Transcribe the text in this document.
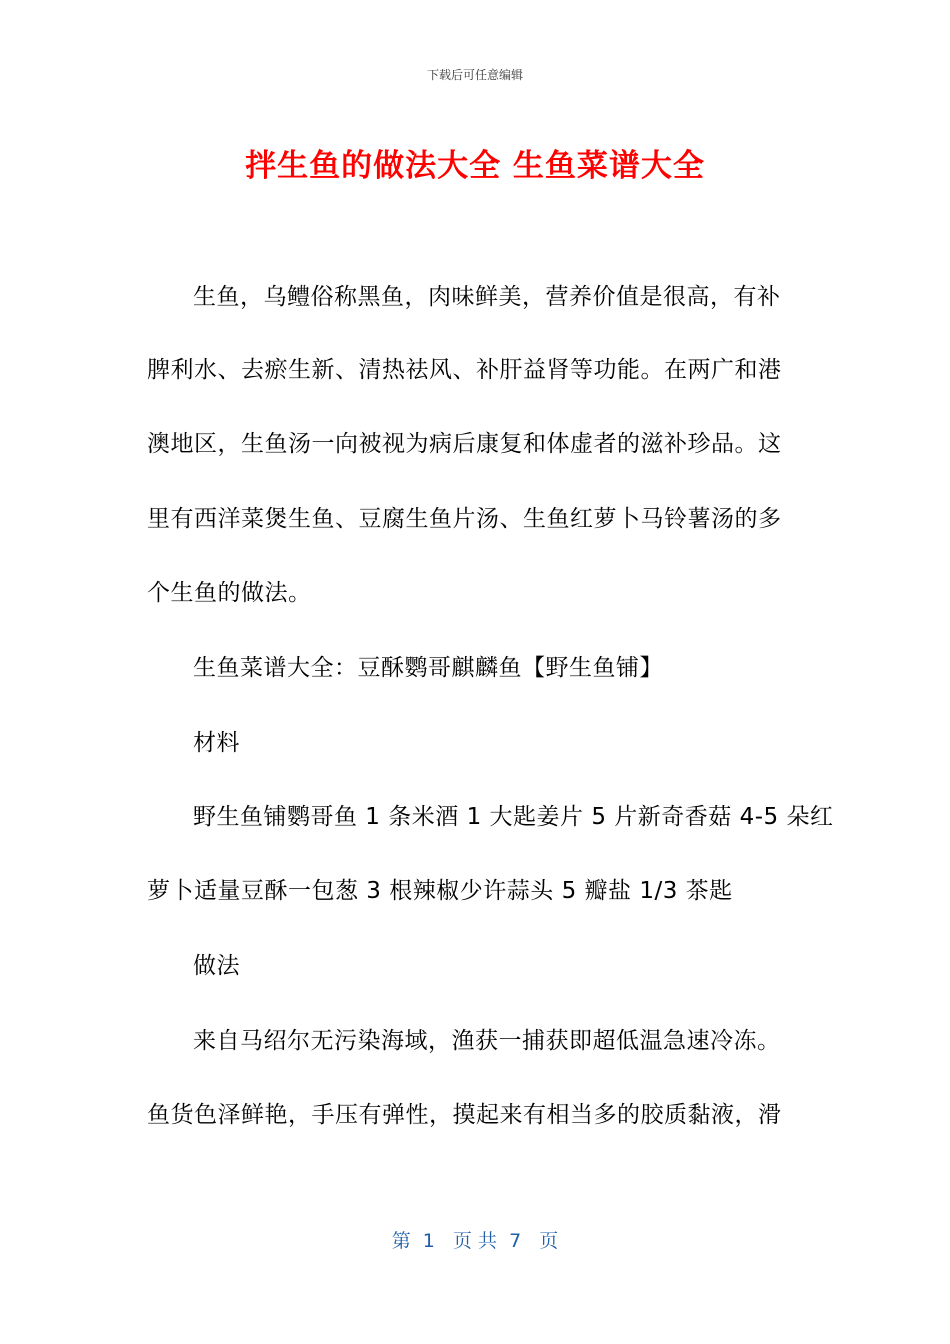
下载后可任意编辑
拌生鱼的做法大全 生鱼菜谱大全
生鱼，乌鳢俗称黑鱼，肉味鲜美，营养价值是很高，有补
脾利水、去瘀生新、清热祛风、补肝益肾等功能。在两广和港
澳地区，生鱼汤一向被视为病后康复和体虚者的滋补珍品。这
里有西洋菜煲生鱼、豆腐生鱼片汤、生鱼红萝卜马铃薯汤的多
个生鱼的做法。
生鱼菜谱大全：豆酥鹦哥麒麟鱼【野生鱼铺】
材料
野生鱼铺鹦哥鱼 1 条米酒 1 大匙姜片 5 片新奇香菇 4-5 朵红
萝卜适量豆酥一包葱 3 根辣椒少许蒜头 5 瓣盐 1/3 茶匙
做法
来自马绍尔无污染海域，渔获一捕获即超低温急速冷冻。
鱼货色泽鲜艳，手压有弹性，摸起来有相当多的胶质黏液，滑
第  1   页 共  7   页
